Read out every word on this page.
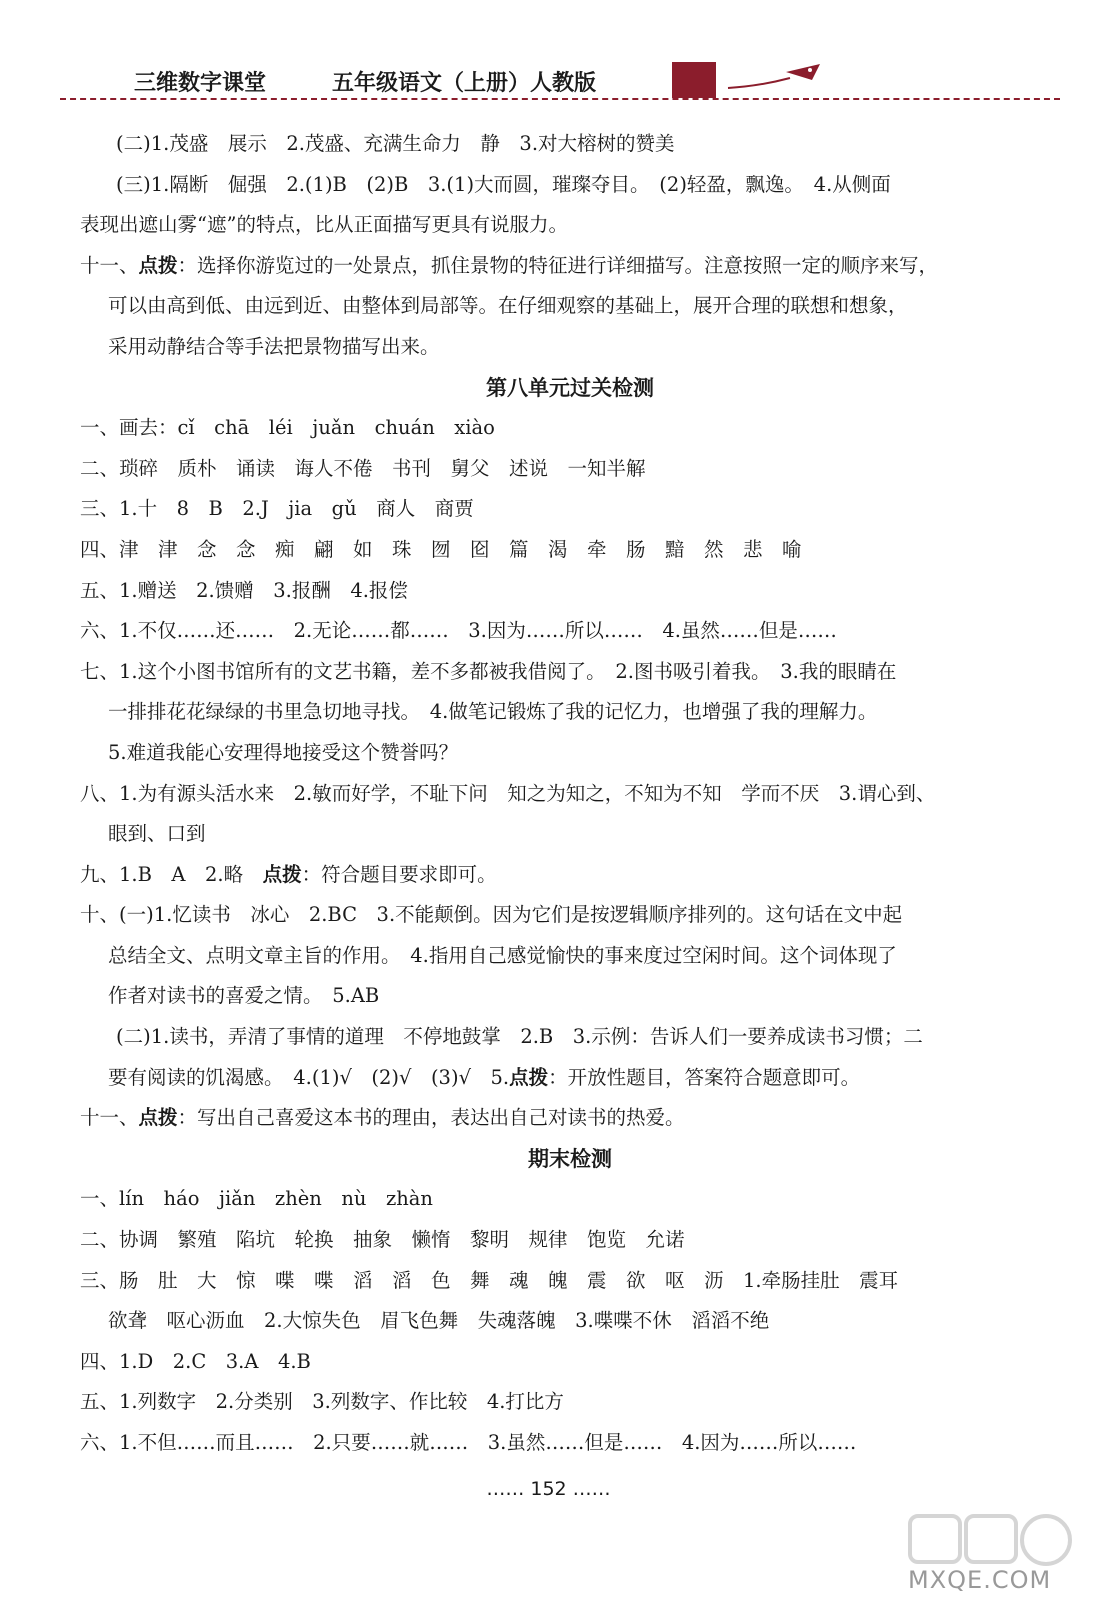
三维数字课堂	五年级语文（上册）人教版
(二)1.茂盛　展示　2.茂盛、充满生命力　静　3.对大榕树的赞美
(三)1.隔断　倔强　2.(1)B　(2)B　3.(1)大而圆，璀璨夺目。　(2)轻盈，飘逸。　4.从侧面
表现出遮山雾“遮”的特点，比从正面描写更具有说服力。
十一、点拨：选择你游览过的一处景点，抓住景物的特征进行详细描写。注意按照一定的顺序来写，
可以由高到低、由远到近、由整体到局部等。在仔细观察的基础上，展开合理的联想和想象，
采用动静结合等手法把景物描写出来。
第八单元过关检测
一、画去：cǐ　chā　léi　juǎn　chuán　xiào
二、琐碎　质朴　诵读　诲人不倦　书刊　舅父　述说　一知半解
三、1.十　8　B　2.J　jia　gǔ　商人　商贾
四、津　津　念　念　痴　翩　如　珠　囫　囵　篇　渴　牵　肠　黯　然　悲　喻
五、1.赠送　2.馈赠　3.报酬　4.报偿
六、1.不仅……还……　2.无论……都……　3.因为……所以……　4.虽然……但是……
七、1.这个小图书馆所有的文艺书籍，差不多都被我借阅了。　2.图书吸引着我。　3.我的眼睛在
一排排花花绿绿的书里急切地寻找。　4.做笔记锻炼了我的记忆力，也增强了我的理解力。
5.难道我能心安理得地接受这个赞誉吗？
八、1.为有源头活水来　2.敏而好学，不耻下问　知之为知之，不知为不知　学而不厌　3.谓心到、
眼到、口到
九、1.B　A　2.略　点拨：符合题目要求即可。
十、(一)1.忆读书　冰心　2.BC　3.不能颠倒。因为它们是按逻辑顺序排列的。这句话在文中起
总结全文、点明文章主旨的作用。　4.指用自己感觉愉快的事来度过空闲时间。这个词体现了
作者对读书的喜爱之情。　5.AB
(二)1.读书，弄清了事情的道理　不停地鼓掌　2.B　3.示例：告诉人们一要养成读书习惯；二
要有阅读的饥渴感。　4.(1)√　(2)√　(3)√　5.点拨：开放性题目，答案符合题意即可。
十一、点拨：写出自己喜爱这本书的理由，表达出自己对读书的热爱。
期末检测
一、lín　háo　jiǎn　zhèn　nù　zhàn
二、协调　繁殖　陷坑　轮换　抽象　懒惰　黎明　规律　饱览　允诺
三、肠　肚　大　惊　喋　喋　滔　滔　色　舞　魂　魄　震　欲　呕　沥　1.牵肠挂肚　震耳
欲聋　呕心沥血　2.大惊失色　眉飞色舞　失魂落魄　3.喋喋不休　滔滔不绝
四、1.D　2.C　3.A　4.B
五、1.列数字　2.分类别　3.列数字、作比较　4.打比方
六、1.不但……而且……　2.只要……就……　3.虽然……但是……　4.因为……所以……
…… 152 ……
MXQE.COM
